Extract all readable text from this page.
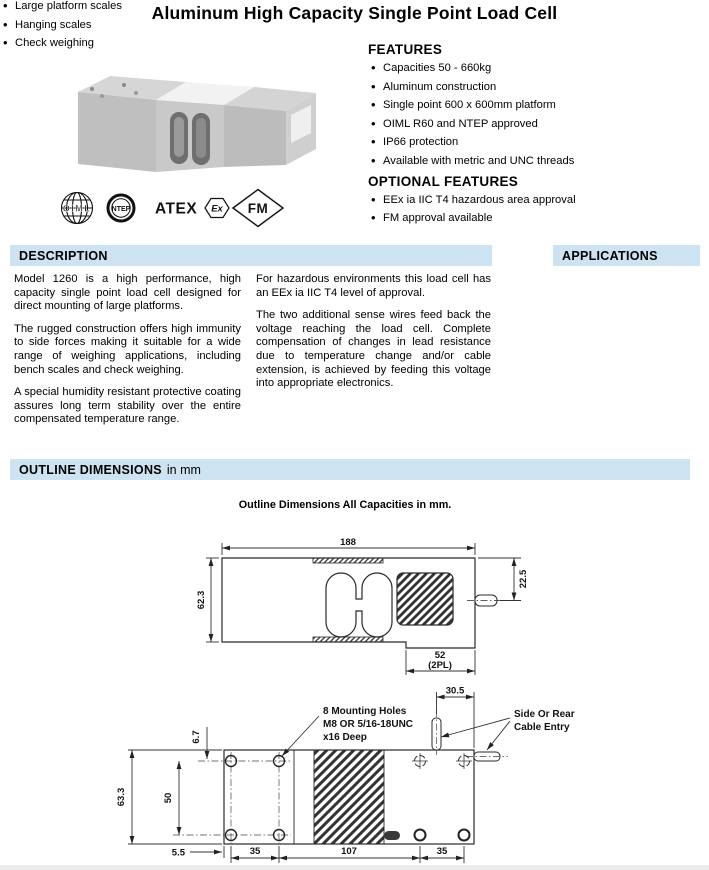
Aluminum High Capacity Single Point Load Cell
OIML	NTEP ATEX Ex FM
FEATURES
• Capacities 50 - 660kg
• Aluminum construction
• Single point 600 x 600mm platform
• OIML R60 and NTEP approved
• IP66 protection
• Available with metric and UNC threads
OPTIONAL FEATURES
• EEx ia IIC T4 hazardous area approval
• FM approval available
DESCRIPTION	APPLICATIONS

Model 1260 is a high performance, high capacity single point load cell designed for direct mounting of large platforms.

The rugged construction offers high immunity to side forces making it suitable for a wide range of weighing applications, including bench scales and check weighing.

A special humidity resistant protective coating assures long term stability over the entire compensated temperature range.

For hazardous environments this load cell has an EEx ia IIC T4 level of approval.

The two additional sense wires feed back the voltage reaching the load cell. Complete compensation of changes in lead resistance due to temperature change and/or cable extension, is achieved by feeding this voltage into appropriate electronics.

• Large platform scales
• Hanging scales
• Check weighing
OUTLINE DIMENSIONS in mm
Outline Dimensions All Capacities in mm.
188
62.3
22.5
52
(2PL)
30.5
63.3	50
6.7
5.5	35	107	35
8 Mounting Holes
M8 OR 5/16-18UNC
x16 Deep
Side Or Rear
Cable Entry
